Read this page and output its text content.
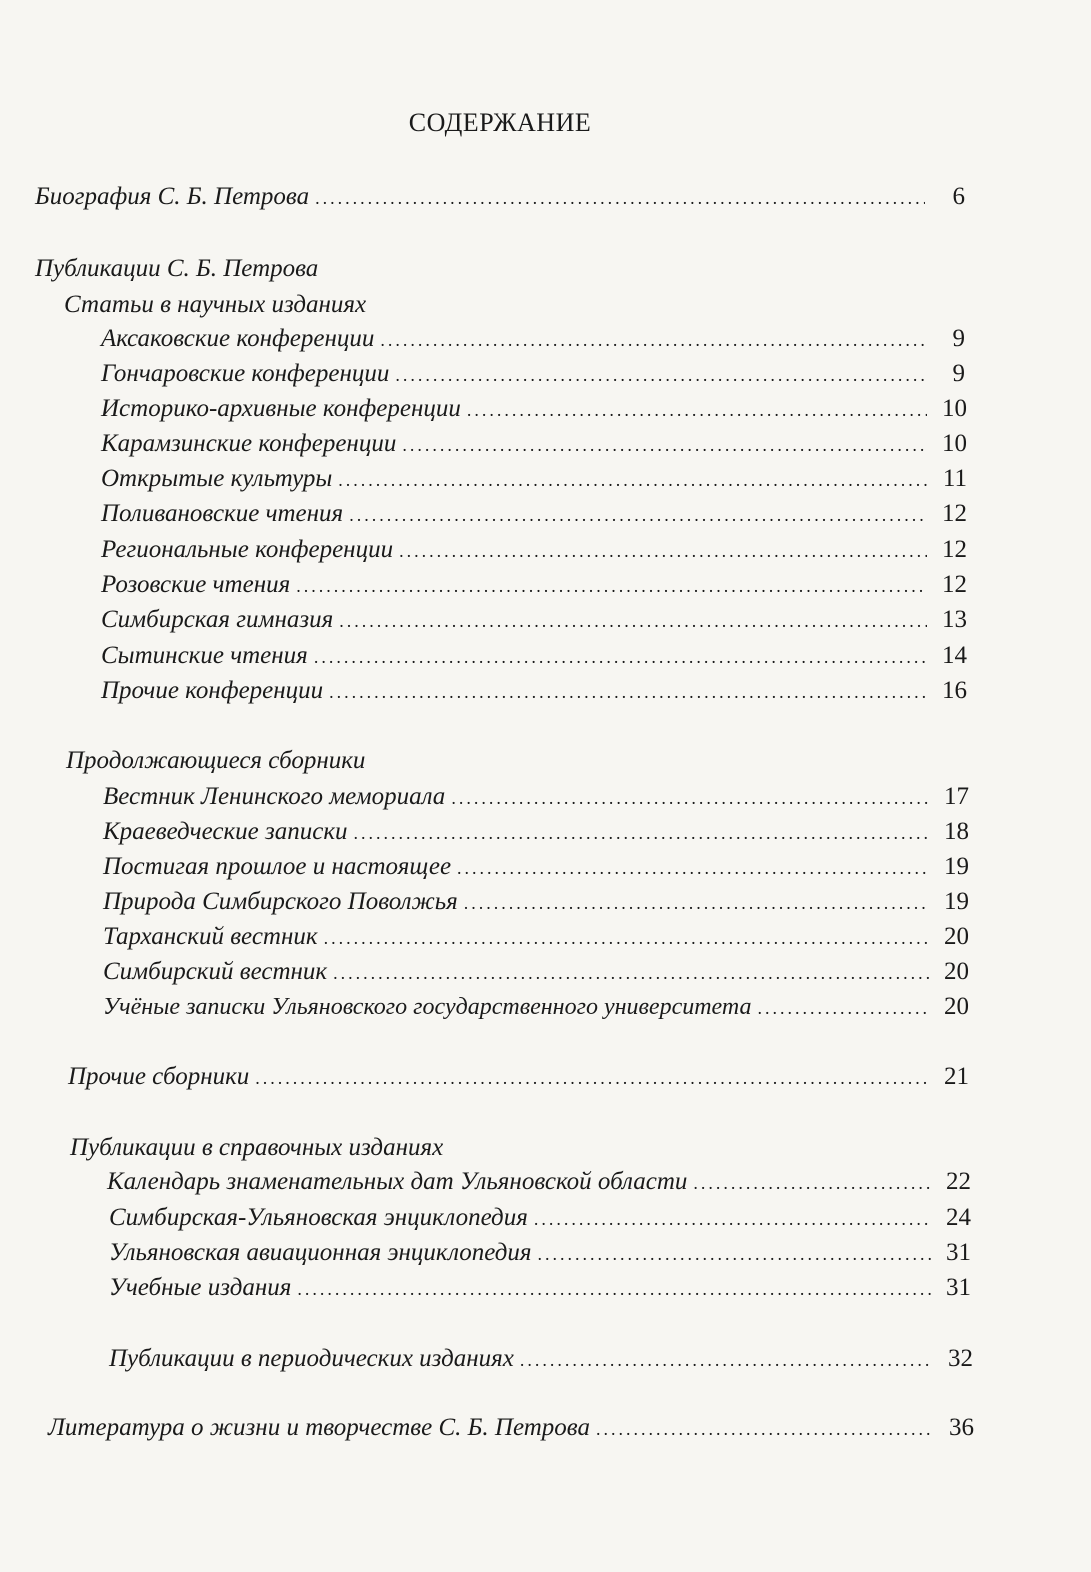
СОДЕРЖАНИЕ
Биография С. Б. Петрова .....	6
Публикации С. Б. Петрова
Статьи в научных изданиях
Аксаковские конференции .....	9
Гончаровские конференции .....	9
Историко-архивные конференции .....	10
Карамзинские конференции .....	10
Открытые культуры .....	11
Поливановские чтения .....	12
Региональные конференции .....	12
Розовские чтения .....	12
Симбирская гимназия .....	13
Сытинские чтения .....	14
Прочие конференции .....	16
Продолжающиеся сборники
Вестник Ленинского мемориала .....	17
Краеведческие записки .....	18
Постигая прошлое и настоящее .....	19
Природа Симбирского Поволжья .....	19
Тарханский вестник .....	20
Симбирский вестник .....	20
Учёные записки Ульяновского государственного университета .....	20
Прочие сборники .....	21
Публикации в справочных изданиях
Календарь знаменательных дат Ульяновской области .....	22
Симбирская-Ульяновская энциклопедия .....	24
Ульяновская авиационная энциклопедия .....	31
Учебные издания .....	31
Публикации в периодических изданиях .....	32
Литература о жизни и творчестве С. Б. Петрова .....	36
